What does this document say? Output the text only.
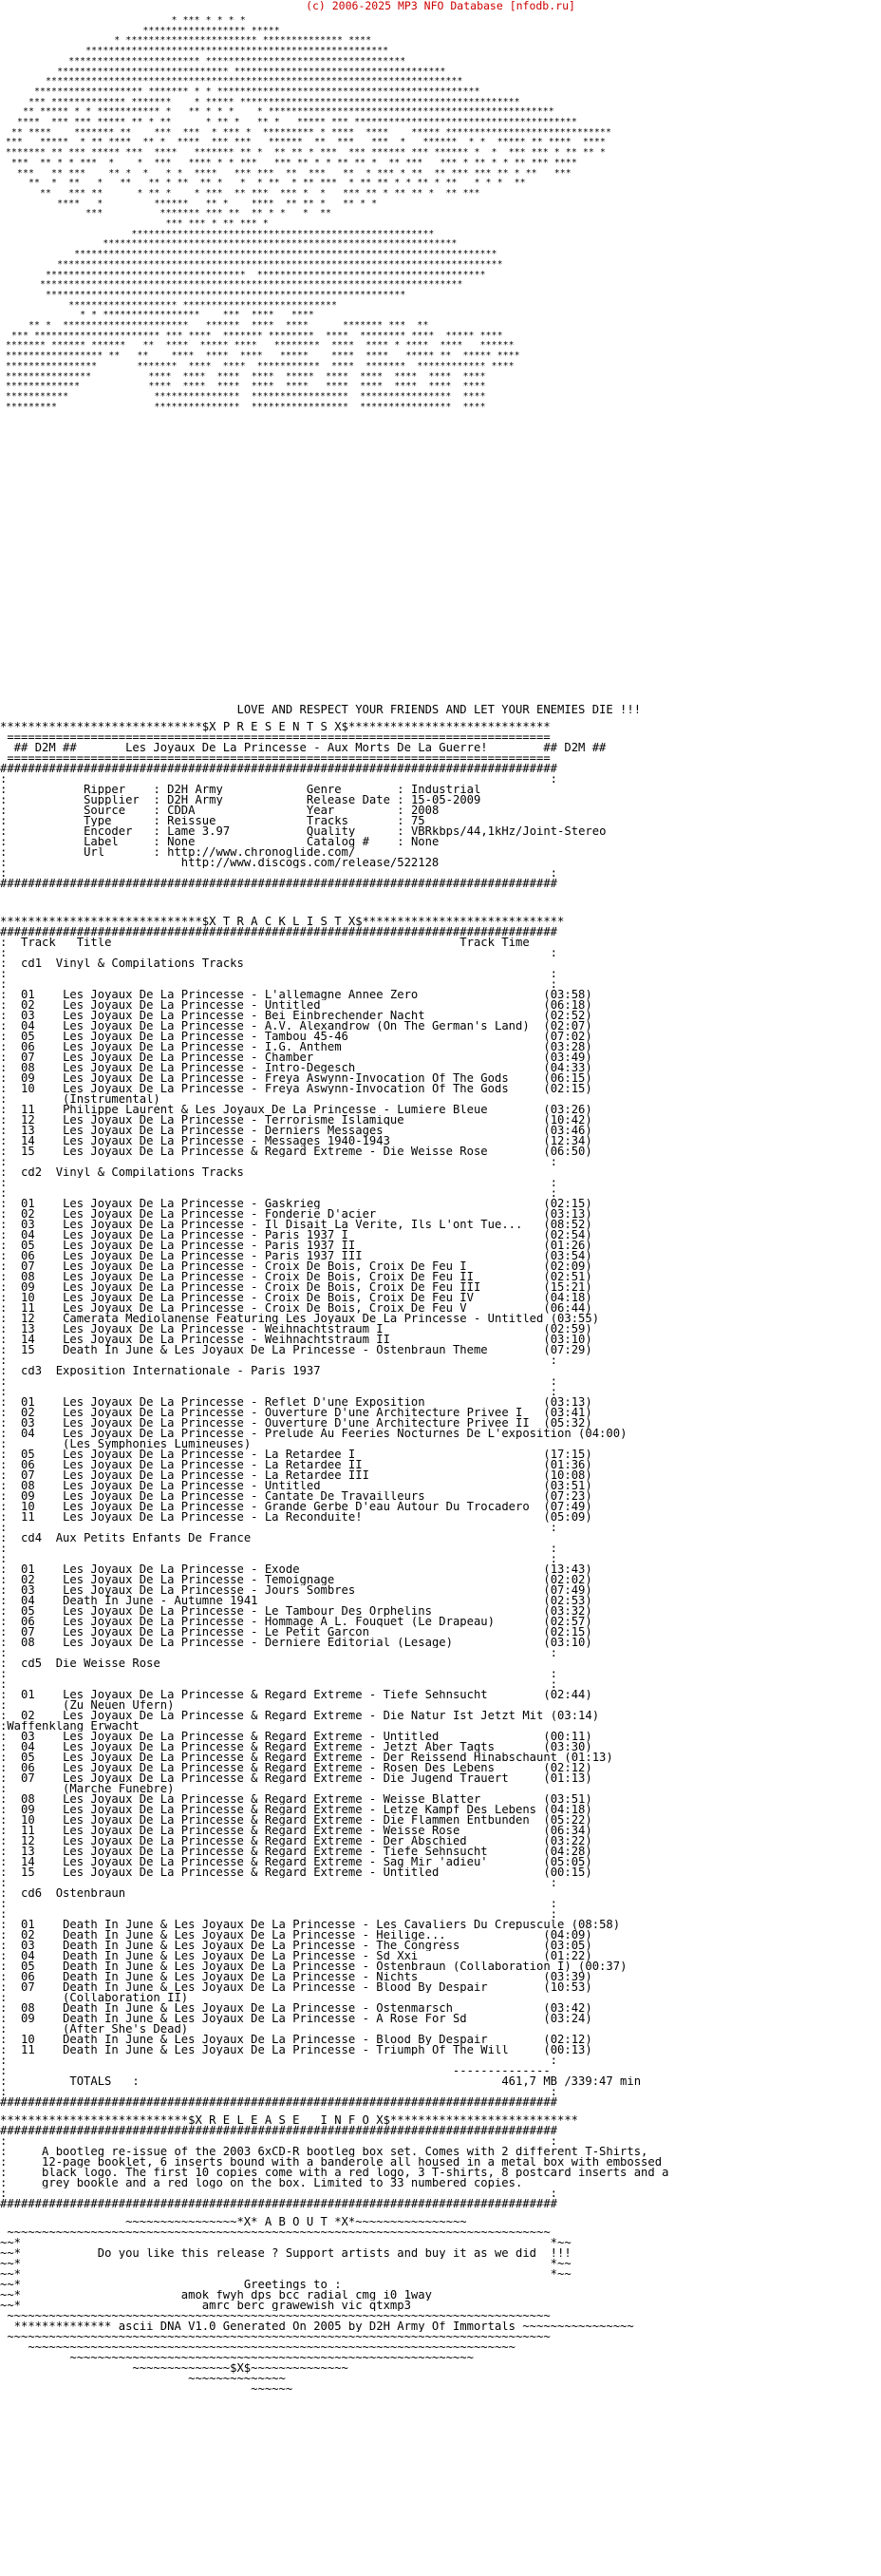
* *** * * * *
****************** *****
* *********************** ************** ****
*****************************************************
*********************** ***********************************
****************************** *************************************
*************************************************************************
******************* ******* * * **********************************************
*** ************* *******    * ***** *************************************************
** ***** * * *********** *   ** * * *    * **************************************************
****  *** *** ***** ** * **      * ** *   ** *   ***** *** ***************************************
** ****    ******* **    ***  ***  * *** *  ********* * ****  ****    ***** *****************************
***   *****  * ** ****  ** *  ****  *** ***   ******  **  ***   ***  *   ******  * *  ***** ** ****  ****
******* ** *** ***** ***  ****   ******* ** *  ** ** * ***  *** ****** *** ****** *  *  *** *** * ** ** *
***  ** * * ***  *    *  ***   **** * * ***   *** ** * * ** ** *  ** ***   *** * ** * * ** *** ****
***   ** ***    ** *  *   * *  ****   *** ***  **  ***   **  * *** * **  ** *** *** ** * **   ***
**  *  **   *   **   ** * **  ** *   *  * **  * ** ***  * ** ** * * ** * **   * * *  **
**   *** **      * ** *    * ***  ** ***  *** *  *   *** ** * ** ** *  ** ***
****   *         ******   ** *    ****  ** ** *   ** * *
***          ******* *** **  ** * *   *  **
*** *** * ** *** *
*****************************************************
**************************************************************
**************************************************************************
******************************************************************************
***********************************  ****************************************
**************************************************************************
***************************************************************
******************* ***************************
* * *****************    ***  ****   ****
** *  **********************   ******  ****  ****      ******* ***  **
*** ********************** *** ****  ******* ********  ****  ******** ****  ***** ****
******* ****** ******   **  ****  ***** ****   ********  ****  **** * ****  ****   ******
***************** **   **    ****  ****  ****   *****    ****  ****   ***** **  ***** ****
****************       *******  ****  ****  ***********  ****  *******  ************ ****
***************          ****  ****  ****  ****  *****  ****  ****  ****  ****  ****
*************            ****  ****  ****  ****  ****   ****  ****  ****  ****  ****
***********               ***************  *****************  ****************  ****
*********                 ***************  *****************  ****************  ****
LOVE AND RESPECT YOUR FRIENDS AND LET YOUR ENEMIES DIE !!!
*****************************$X P R E S E N T S X$*****************************
==============================================================================
## D2M ##       Les Joyaux De La Princesse - Aux Morts De La Guerre!        ## D2M ##
==============================================================================
################################################################################
:                                                                              :
:           Ripper    : D2H Army	Genre        : Industrial
:           Supplier  : D2H Army	Release Date : 15-05-2009
:           Source    : CDDA	Year         : 2008
:           Type      : Reissue	Tracks       : 75
:           Encoder   : Lame 3.97	Quality      : VBRkbps/44,1kHz/Joint-Stereo
:           Label     : None	Catalog #    : None
:           Url       : http://www.chronoglide.com/
:                         http://www.discogs.com/release/522128
:                                                                              :
################################################################################
*****************************$X T R A C K L I S T X$*****************************
################################################################################
:  Track Title	Track Time
:                                                                              :
:  cd1 Vinyl & Compilations Tracks
:                                                                              :
:                                                                              :
:  01 Les Joyaux De La Princesse - L'allemagne Annee Zero	(03:58)
:  02 Les Joyaux De La Princesse - Untitled	(06:18)
:  03 Les Joyaux De La Princesse - Bei Einbrechender Nacht	(02:52)
:  04 Les Joyaux De La Princesse - A.V. Alexandrow (On The German's Land) (02:07)
:  05 Les Joyaux De La Princesse - Tambou 45-46	(07:02)
:  06 Les Joyaux De La Princesse - I.G. Anthem	(03:28)
:  07 Les Joyaux De La Princesse - Chamber	(03:49)
:  08 Les Joyaux De La Princesse - Intro-Degesch	(04:33)
:  09 Les Joyaux De La Princesse - Freya Aswynn-Invocation Of The Gods	(06:15)
:  10 Les Joyaux De La Princesse - Freya Aswynn-Invocation Of The Gods	(02:15)
:	(Instrumental)
:  11 Philippe Laurent & Les Joyaux De La Princesse - Lumiere Bleue	(03:26)
:  12 Les Joyaux De La Princesse - Terrorisme Islamique	(10:42)
:  13 Les Joyaux De La Princesse - Derniers Messages	(03:46)
:  14 Les Joyaux De La Princesse - Messages 1940-1943	(12:34)
:  15 Les Joyaux De La Princesse & Regard Extreme - Die Weisse Rose	(06:50)
:                                                                              :
:  cd2 Vinyl & Compilations Tracks
:                                                                              :
:                                                                              :
:  01 Les Joyaux De La Princesse - Gaskrieg	(02:15)
:  02 Les Joyaux De La Princesse - Fonderie D'acier	(03:13)
:  03 Les Joyaux De La Princesse - Il Disait La Verite, Ils L'ont Tue... (08:52)
:  04 Les Joyaux De La Princesse - Paris 1937 I	(02:54)
:  05 Les Joyaux De La Princesse - Paris 1937 II	(01:26)
:  06 Les Joyaux De La Princesse - Paris 1937 III	(03:54)
:  07 Les Joyaux De La Princesse - Croix De Bois, Croix De Feu I	(02:09)
:  08 Les Joyaux De La Princesse - Croix De Bois, Croix De Feu II	(02:51)
:  09 Les Joyaux De La Princesse - Croix De Bois, Croix De Feu III	(15:21)
:  10 Les Joyaux De La Princesse - Croix De Bois, Croix De Feu IV	(04:18)
:  11 Les Joyaux De La Princesse - Croix De Bois, Croix De Feu V	(06:44)
:  12 Camerata Mediolanense Featuring Les Joyaux De La Princesse - Untitled (03:55)
:  13 Les Joyaux De La Princesse - Weihnachtstraum I	(02:59)
:  14 Les Joyaux De La Princesse - Weihnachtstraum II	(03:10)
:  15 Death In June & Les Joyaux De La Princesse - Ostenbraun Theme	(07:29)
:                                                                              :
:  cd3 Exposition Internationale - Paris 1937
:                                                                              :
:                                                                              :
:  01 Les Joyaux De La Princesse - Reflet D'une Exposition	(03:13)
:  02 Les Joyaux De La Princesse - Ouverture D'une Architecture Privee I (03:41)
:  03 Les Joyaux De La Princesse - Ouverture D'une Architecture Privee II (05:32)
:  04 Les Joyaux De La Princesse - Prelude Au Feeries Nocturnes De L'exposition (04:00)
:	(Les Symphonies Lumineuses)
:  05 Les Joyaux De La Princesse - La Retardee I	(17:15)
:  06 Les Joyaux De La Princesse - La Retardee II	(01:36)
:  07 Les Joyaux De La Princesse - La Retardee III	(10:08)
:  08 Les Joyaux De La Princesse - Untitled	(03:51)
:  09 Les Joyaux De La Princesse - Cantate De Travailleurs	(07:23)
:  10 Les Joyaux De La Princesse - Grande Gerbe D'eau Autour Du Trocadero (07:49)
:  11 Les Joyaux De La Princesse - La Reconduite!	(05:09)
:                                                                              :
:  cd4 Aux Petits Enfants De France
:                                                                              :
:                                                                              :
:  01 Les Joyaux De La Princesse - Exode	(13:43)
:  02 Les Joyaux De La Princesse - Temoignage	(02:02)
:  03 Les Joyaux De La Princesse - Jours Sombres	(07:49)
:  04 Death In June - Autumne 1941	(02:53)
:  05 Les Joyaux De La Princesse - Le Tambour Des Orphelins	(03:32)
:  06 Les Joyaux De La Princesse - Hommage A L. Fouquet (Le Drapeau)	(02:57)
:  07 Les Joyaux De La Princesse - Le Petit Garcon	(02:15)
:  08 Les Joyaux De La Princesse - Derniere Editorial (Lesage)	(03:10)
:                                                                              :
:  cd5 Die Weisse Rose
:                                                                              :
:                                                                              :
:  01 Les Joyaux De La Princesse & Regard Extreme - Tiefe Sehnsucht	(02:44)
:	(Zu Neuen Ufern)
:  02 Les Joyaux De La Princesse & Regard Extreme - Die Natur Ist Jetzt Mit (03:14)
:Waffenklang Erwacht
:  03 Les Joyaux De La Princesse & Regard Extreme - Untitled	(00:11)
:  04 Les Joyaux De La Princesse & Regard Extreme - Jetzt Aber Tagts	(03:30)
:  05 Les Joyaux De La Princesse & Regard Extreme - Der Reissend Hinabschaunt (01:13)
:  06 Les Joyaux De La Princesse & Regard Extreme - Rosen Des Lebens	(02:12)
:  07 Les Joyaux De La Princesse & Regard Extreme - Die Jugend Trauert	(01:13)
:	(Marche Funebre)
:  08 Les Joyaux De La Princesse & Regard Extreme - Weisse Blatter	(03:51)
:  09 Les Joyaux De La Princesse & Regard Extreme - Letze Kampf Des Lebens (04:18)
:  10 Les Joyaux De La Princesse & Regard Extreme - Die Flammen Entbunden (05:22)
:  11 Les Joyaux De La Princesse & Regard Extreme - Weisse Rose	(06:34)
:  12 Les Joyaux De La Princesse & Regard Extreme - Der Abschied	(03:22)
:  13 Les Joyaux De La Princesse & Regard Extreme - Tiefe Sehnsucht	(04:28)
:  14 Les Joyaux De La Princesse & Regard Extreme - Sag Mir 'adieu'	(05:05)
:  15 Les Joyaux De La Princesse & Regard Extreme - Untitled	(00:15)
:                                                                              :
:  cd6 Ostenbraun
:                                                                              :
:                                                                              :
:  01 Death In June & Les Joyaux De La Princesse - Les Cavaliers Du Crepuscule (08:58)
:  02 Death In June & Les Joyaux De La Princesse - Heilige...	(04:09)
:  03 Death In June & Les Joyaux De La Princesse - The Congress	(03:05)
:  04 Death In June & Les Joyaux De La Princesse - Sd Xxi	(01:22)
:  05 Death In June & Les Joyaux De La Princesse - Ostenbraun (Collaboration I) (00:37)
:  06 Death In June & Les Joyaux De La Princesse - Nichts	(03:39)
:  07 Death In June & Les Joyaux De La Princesse - Blood By Despair	(10:53)
:	(Collaboration II)
:  08 Death In June & Les Joyaux De La Princesse - Ostenmarsch	(03:42)
:  09 Death In June & Les Joyaux De La Princesse - A Rose For Sd	(03:24)
:	(After She's Dead)
:  10 Death In June & Les Joyaux De La Princesse - Blood By Despair	(02:12)
:  11 Death In June & Les Joyaux De La Princesse - Triumph Of The Will	(00:13)
:                                                                              :
:                                                                --------------
:         TOTALS   :                                                    461,7 MB /339:47 min
:                                                                              :
################################################################################
***************************$X R E L E A S E   I N F O X$***************************
################################################################################
:                                                                              :
:     A bootleg re-issue of the 2003 6xCD-R bootleg box set. Comes with 2 different T-Shirts,
:     12-page booklet, 6 inserts bound with a banderole all housed in a metal box with embossed
:     black logo. The first 10 copies come with a red logo, 3 T-shirts, 8 postcard inserts and a
:     grey bookle and a red logo on the box. Limited to 33 numbered copies.
:                                                                              :
################################################################################
~~~~~~~~~~~~~~~~*X* A B O U T *X*~~~~~~~~~~~~~~~~
~~~~~~~~~~~~~~~~~~~~~~~~~~~~~~~~~~~~~~~~~~~~~~~~~~~~~~~~~~~~~~~~~~~~~~~~~~~~~~
~~*                                                                            *~~
~~*           Do you like this release ? Support artists and buy it as we did  !!!
~~*                                                                            *~~
~~*                                                                            *~~
~~*                                Greetings to :
~~*                       amok fwyh dps bcc radial cmg i0 1way
~~*                          amrc berc grawewish vic qtxmp3
~~~~~~~~~~~~~~~~~~~~~~~~~~~~~~~~~~~~~~~~~~~~~~~~~~~~~~~~~~~~~~~~~~~~~~~~~~~~~~
************** ascii DNA V1.0 Generated On 2005 by D2H Army Of Immortals ~~~~~~~~~~~~~~~~
~~~~~~~~~~~~~~~~~~~~~~~~~~~~~~~~~~~~~~~~~~~~~~~~~~~~~~~~~~~~~~~~~~~~~~~~~~~~~~
~~~~~~~~~~~~~~~~~~~~~~~~~~~~~~~~~~~~~~~~~~~~~~~~~~~~~~~~~~~~~~~~~~~~~~
~~~~~~~~~~~~~~~~~~~~~~~~~~~~~~~~~~~~~~~~~~~~~~~~~~~~~~~~~~
~~~~~~~~~~~~~~$X$~~~~~~~~~~~~~~
~~~~~~~~~~~~~~
~~~~~~
(c) 2006-2025 MP3 NFO Database [nfodb.ru]
